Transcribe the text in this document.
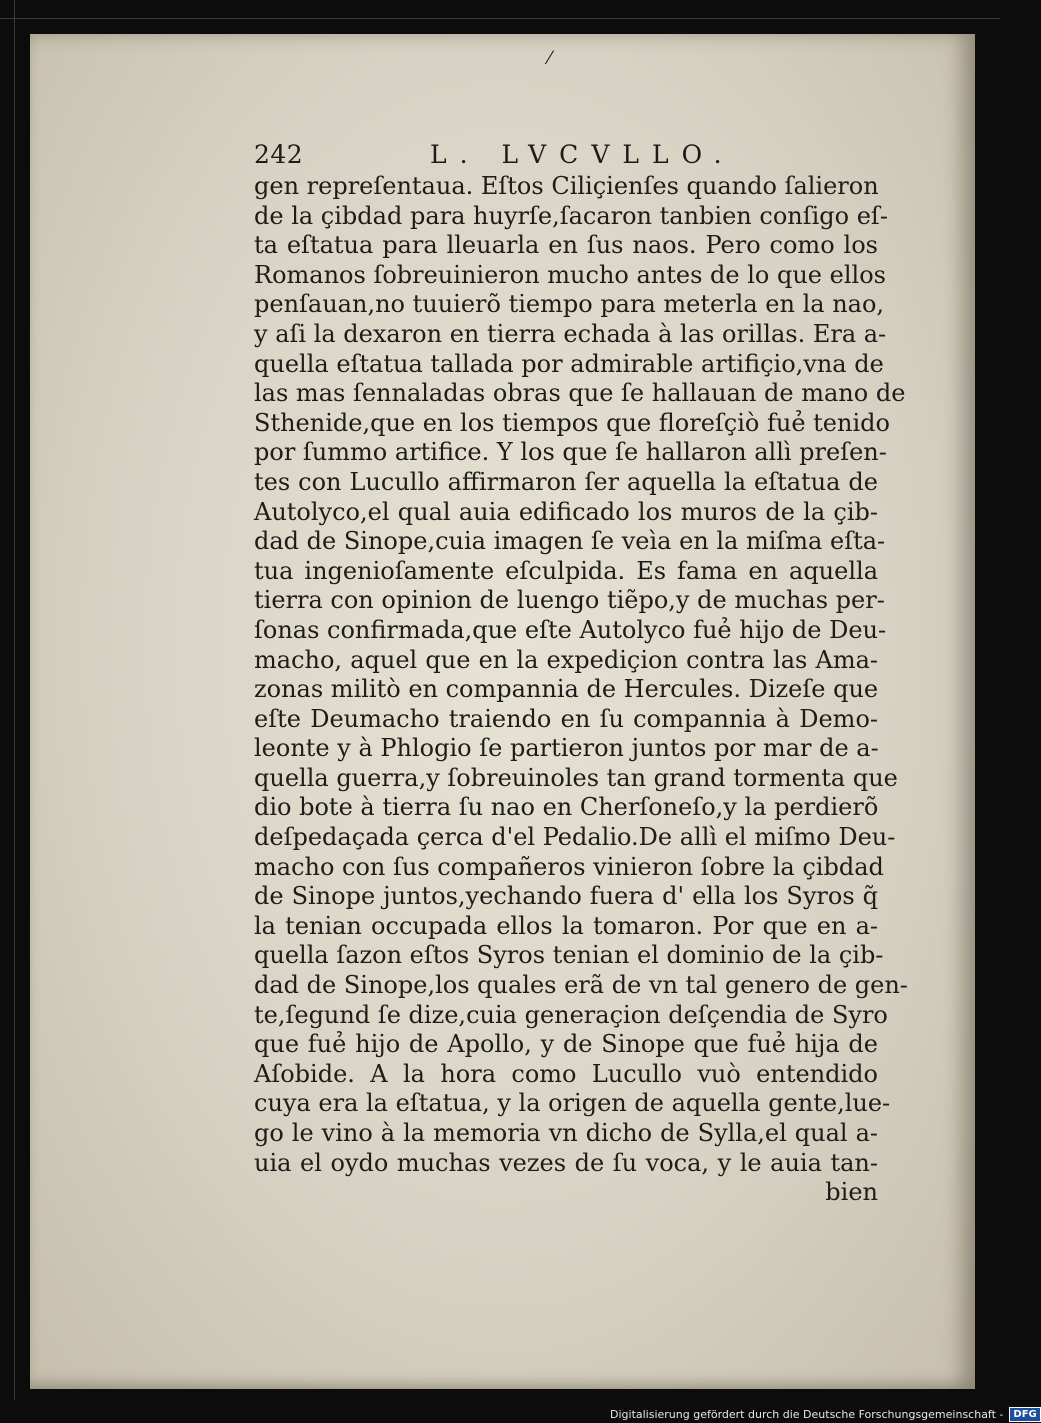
242	L. LVCVLLO.
gen repreſentaua. Eſtos Ciliçienſes quando ſalieron
de la çibdad para huyrſe,ſacaron tanbien conſigo eſ-
ta eſtatua para lleuarla en ſus naos. Pero como los
Romanos ſobreuinieron mucho antes de lo que ellos
penſauan,no tuuierõ tiempo para meterla en la nao,
y aſi la dexaron en tierra echada à las orillas. Era a-
quella eſtatua tallada por admirable artifiçio,vna de
las mas ſennaladas obras que ſe hallauan de mano de
Sthenide,que en los tiempos que floreſçiò fuẻ tenido
por ſummo artifice. Y los que ſe hallaron allì preſen-
tes con Lucullo affirmaron ſer aquella la eſtatua de
Autolyco,el qual auia edificado los muros de la çib-
dad de Sinope,cuia imagen ſe veìa en la miſma eſta-
tua ingenioſamente eſculpida. Es fama en aquella
tierra con opinion de luengo tiẽpo,y de muchas per-
ſonas confirmada,que eſte Autolyco fuẻ hijo de Deu-
macho, aquel que en la expediçion contra las Ama-
zonas militò en compannia de Hercules. Dizeſe que
eſte Deumacho traiendo en ſu compannia à Demo-
leonte y à Phlogio ſe partieron juntos por mar de a-
quella guerra,y ſobreuinoles tan grand tormenta que
dio bote à tierra ſu nao en Cherſoneſo,y la perdierõ
deſpedaçada çerca d'el Pedalio.De allì el miſmo Deu-
macho con ſus compañeros vinieron ſobre la çibdad
de Sinope juntos,yechando fuera d' ella los Syros q̃
la tenian occupada ellos la tomaron. Por que en a-
quella ſazon eſtos Syros tenian el dominio de la çib-
dad de Sinope,los quales erã de vn tal genero de gen-
te,ſegund ſe dize,cuia generaçion deſçendia de Syro
que fuẻ hijo de Apollo, y de Sinope que fuẻ hija de
Aſobide. A la hora como Lucullo vuò entendido
cuya era la eſtatua, y la origen de aquella gente,lue-
go le vino à la memoria vn dicho de Sylla,el qual a-
uia el oydo muchas vezes de ſu voca, y le auia tan-
bien
⁄
Digitalisierung gefördert durch die Deutsche Forschungsgemeinschaft -	DFG
